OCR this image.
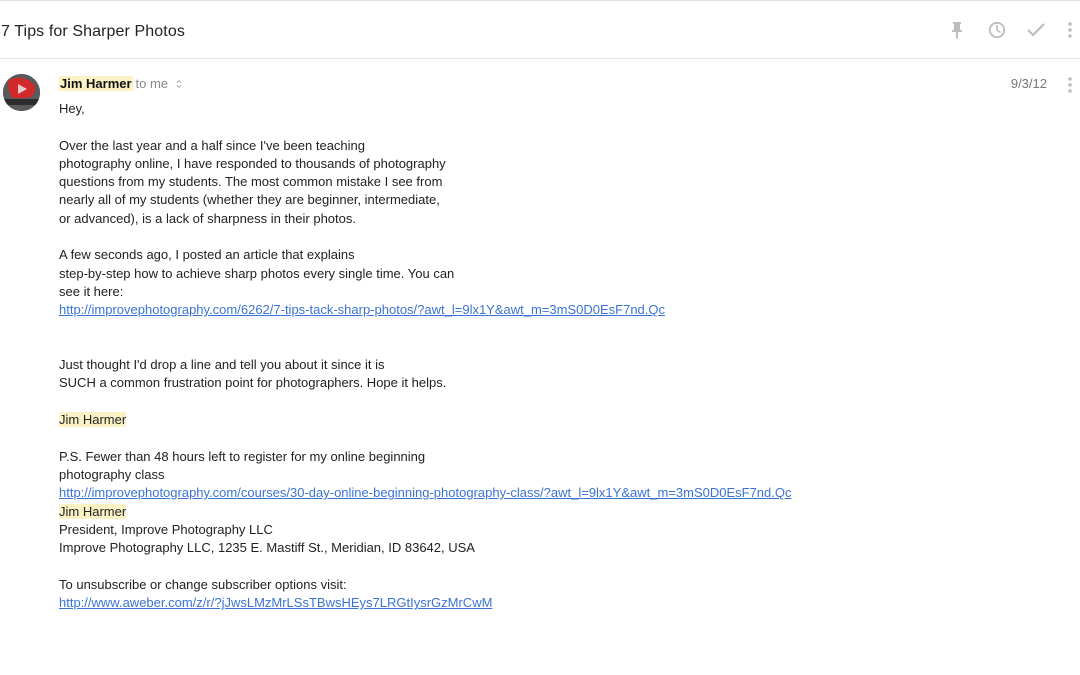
7 Tips for Sharper Photos
Jim Harmer to me	9/3/12

Hey,

Over the last year and a half since I've been teaching

photography online, I have responded to thousands of photography

questions from my students. The most common mistake I see from

nearly all of my students (whether they are beginner, intermediate,

or advanced), is a lack of sharpness in their photos.

A few seconds ago, I posted an article that explains

step-by-step how to achieve sharp photos every single time. You can

see it here:

http://improvephotography.com/6262/7-tips-tack-sharp-photos/?awt_l=9lx1Y&awt_m=3mS0D0EsF7nd.Qc

Just thought I'd drop a line and tell you about it since it is

SUCH a common frustration point for photographers. Hope it helps.

Jim Harmer

P.S. Fewer than 48 hours left to register for my online beginning

photography class

http://improvephotography.com/courses/30-day-online-beginning-photography-class/?awt_l=9lx1Y&awt_m=3mS0D0EsF7nd.Qc

Jim Harmer

President, Improve Photography LLC

Improve Photography LLC, 1235 E. Mastiff St., Meridian, ID 83642, USA

To unsubscribe or change subscriber options visit:

http://www.aweber.com/z/r/?jJwsLMzMrLSsTBwsHEys7LRGtIysrGzMrCwM
